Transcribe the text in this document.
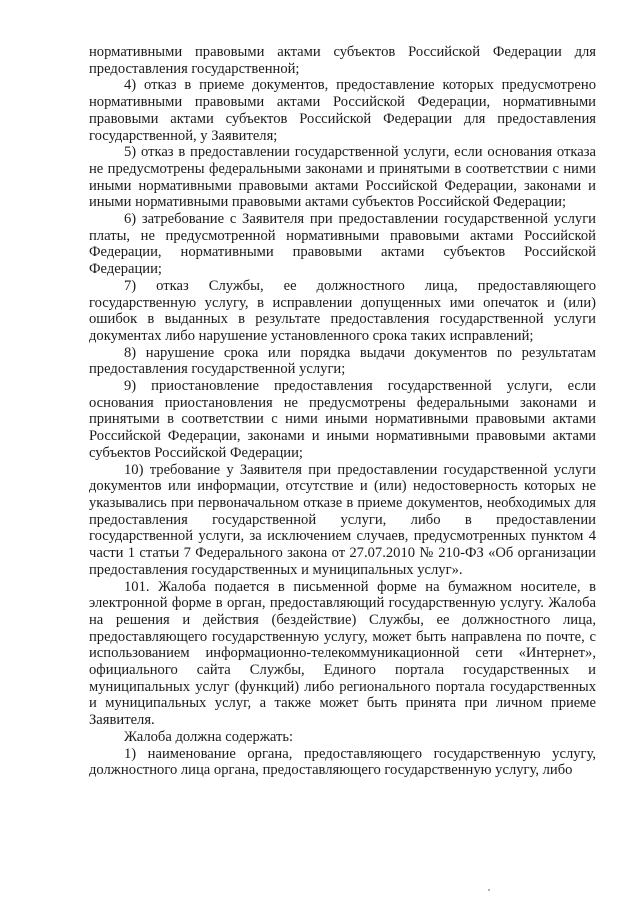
нормативными правовыми актами субъектов Российской Федерации для предоставления государственной;

4) отказ в приеме документов, предоставление которых предусмотрено нормативными правовыми актами Российской Федерации, нормативными правовыми актами субъектов Российской Федерации для предоставления государственной, у Заявителя;

5) отказ в предоставлении государственной услуги, если основания отказа не предусмотрены федеральными законами и принятыми в соответствии с ними иными нормативными правовыми актами Российской Федерации, законами и иными нормативными правовыми актами субъектов Российской Федерации;

6) затребование с Заявителя при предоставлении государственной услуги платы, не предусмотренной нормативными правовыми актами Российской Федерации, нормативными правовыми актами субъектов Российской Федерации;

7) отказ Службы, ее должностного лица, предоставляющего государственную услугу, в исправлении допущенных ими опечаток и (или) ошибок в выданных в результате предоставления государственной услуги документах либо нарушение установленного срока таких исправлений;

8) нарушение срока или порядка выдачи документов по результатам предоставления государственной услуги;

9) приостановление предоставления государственной услуги, если основания приостановления не предусмотрены федеральными законами и принятыми в соответствии с ними иными нормативными правовыми актами Российской Федерации, законами и иными нормативными правовыми актами субъектов Российской Федерации;

10) требование у Заявителя при предоставлении государственной услуги документов или информации, отсутствие и (или) недостоверность которых не указывались при первоначальном отказе в приеме документов, необходимых для предоставления государственной услуги, либо в предоставлении государственной услуги, за исключением случаев, предусмотренных пунктом 4 части 1 статьи 7 Федерального закона от 27.07.2010 № 210-ФЗ «Об организации предоставления государственных и муниципальных услуг».

101. Жалоба подается в письменной форме на бумажном носителе, в электронной форме в орган, предоставляющий государственную услугу. Жалоба на решения и действия (бездействие) Службы, ее должностного лица, предоставляющего государственную услугу, может быть направлена по почте, с использованием информационно-телекоммуникационной сети «Интернет», официального сайта Службы, Единого портала государственных и муниципальных услуг (функций) либо регионального портала государственных и муниципальных услуг, а также может быть принята при личном приеме Заявителя.

Жалоба должна содержать:

1) наименование органа, предоставляющего государственную услугу, должностного лица органа, предоставляющего государственную услугу, либо
